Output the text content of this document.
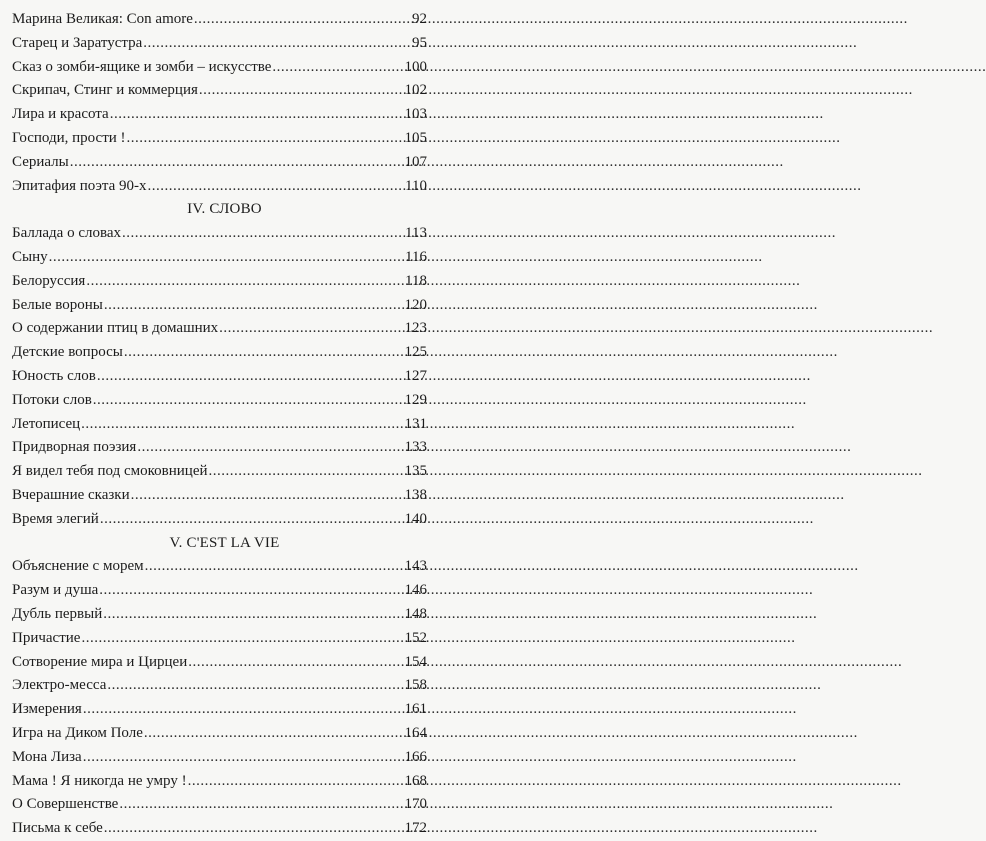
Марина Великая: Con amore .....	92
Старец и Заратустра .....	95
Сказ о зомби-ящике и зомби – искусстве .....	100
Скрипач, Стинг и коммерция .....	102
Лира и красота .....	103
Господи, прости ! .....	105
Сериалы .....	107
Эпитафия поэта 90-х .....	110
IV. СЛОВО
Баллада о словах .....	113
Сыну .....	116
Белоруссия .....	118
Белые вороны .....	120
О содержании птиц в домашних .....	123
Детские вопросы .....	125
Юность слов .....	127
Потоки слов .....	129
Летописец .....	131
Придворная поэзия .....	133
Я видел тебя под смоковницей .....	135
Вчерашние сказки .....	138
Время элегий .....	140
V. C'EST LA VIE
Объяснение с морем .....	143
Разум и душа .....	146
Дубль первый .....	148
Причастие .....	152
Сотворение мира и Цирцеи .....	154
Электро-месса .....	158
Измерения .....	161
Игра на Диком Поле .....	164
Мона Лиза .....	166
Мама ! Я никогда не умру ! .....	168
О Совершенстве .....	170
Письма к себе .....	172
